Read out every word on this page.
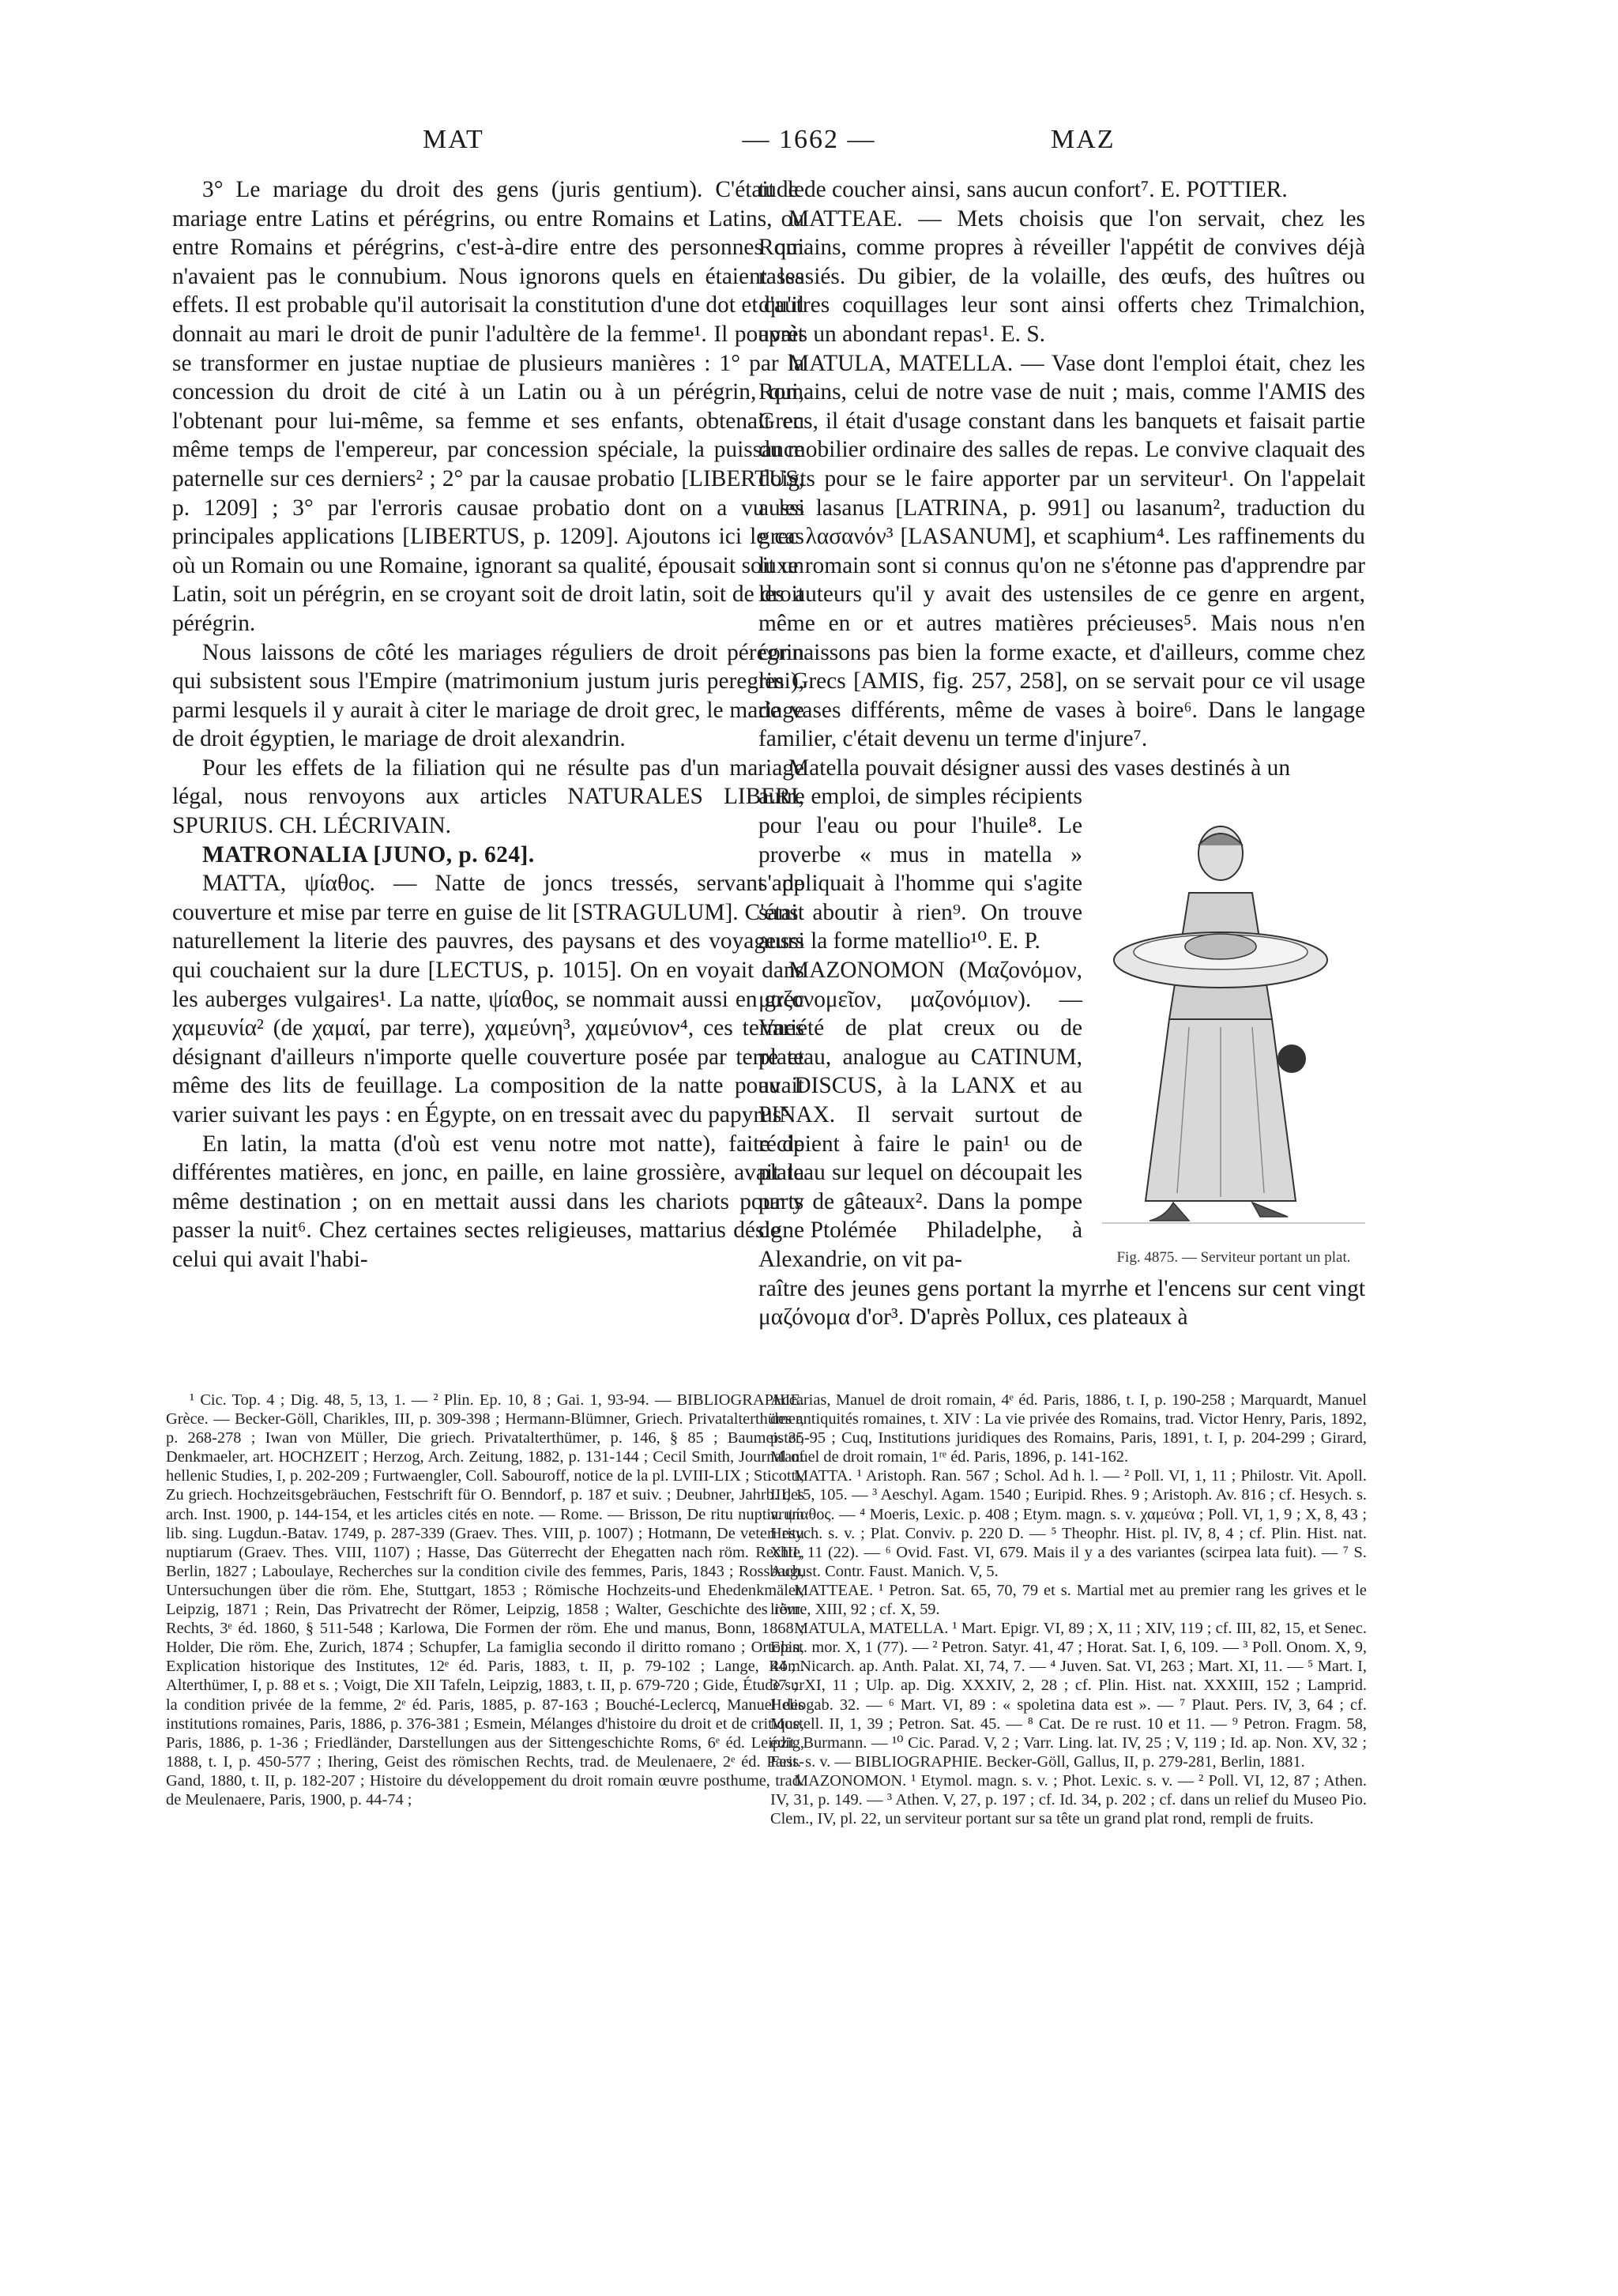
MAT	— 1662 —	MAZ

3° Le mariage du droit des gens (juris gentium). C'était le mariage entre Latins et pérégrins, ou entre Romains et Latins, ou entre Romains et pérégrins, c'est-à-dire entre des personnes qui n'avaient pas le connubium. Nous ignorons quels en étaient les effets. Il est probable qu'il autorisait la constitution d'une dot et qu'il donnait au mari le droit de punir l'adultère de la femme¹. Il pouvait se transformer en justae nuptiae de plusieurs manières : 1° par la concession du droit de cité à un Latin ou à un pérégrin, qui, l'obtenant pour lui-même, sa femme et ses enfants, obtenait en même temps de l'empereur, par concession spéciale, la puissance paternelle sur ces derniers² ; 2° par la causae probatio [LIBERTUS, p. 1209] ; 3° par l'erroris causae probatio dont on a vu les principales applications [LIBERTUS, p. 1209]. Ajoutons ici le cas où un Romain ou une Romaine, ignorant sa qualité, épousait soit un Latin, soit un pérégrin, en se croyant soit de droit latin, soit de droit pérégrin.

Nous laissons de côté les mariages réguliers de droit pérégrin qui subsistent sous l'Empire (matrimonium justum juris peregrini), parmi lesquels il y aurait à citer le mariage de droit grec, le mariage de droit égyptien, le mariage de droit alexandrin.

Pour les effets de la filiation qui ne résulte pas d'un mariage légal, nous renvoyons aux articles NATURALES LIBERI, SPURIUS. CH. LÉCRIVAIN.

MATRONALIA [JUNO, p. 624].

MATTA, ψίαθος. — Natte de joncs tressés, servant de couverture et mise par terre en guise de lit [STRAGULUM]. C'était naturellement la literie des pauvres, des paysans et des voyageurs qui couchaient sur la dure [LECTUS, p. 1015]. On en voyait dans les auberges vulgaires¹. La natte, ψίαθος, se nommait aussi en grec χαμευνία² (de χαμαί, par terre), χαμεύνη³, χαμεύνιον⁴, ces termes désignant d'ailleurs n'importe quelle couverture posée par terre et même des lits de feuillage. La composition de la natte pouvait varier suivant les pays : en Égypte, on en tressait avec du papyrus⁵.

En latin, la matta (d'où est venu notre mot natte), faite de différentes matières, en jonc, en paille, en laine grossière, avait la même destination ; on en mettait aussi dans les chariots pour y passer la nuit⁶. Chez certaines sectes religieuses, mattarius désigne celui qui avait l'habi-

tude de coucher ainsi, sans aucun confort⁷. E. POTTIER.

MATTEAE. — Mets choisis que l'on servait, chez les Romains, comme propres à réveiller l'appétit de convives déjà rassasiés. Du gibier, de la volaille, des œufs, des huîtres ou d'autres coquillages leur sont ainsi offerts chez Trimalchion, après un abondant repas¹. E. S.

MATULA, MATELLA. — Vase dont l'emploi était, chez les Romains, celui de notre vase de nuit ; mais, comme l'AMIS des Grecs, il était d'usage constant dans les banquets et faisait partie du mobilier ordinaire des salles de repas. Le convive claquait des doigts pour se le faire apporter par un serviteur¹. On l'appelait aussi lasanus [LATRINA, p. 991] ou lasanum², traduction du grec λασανόν³ [LASANUM], et scaphium⁴. Les raffinements du luxe romain sont si connus qu'on ne s'étonne pas d'apprendre par les auteurs qu'il y avait des ustensiles de ce genre en argent, même en or et autres matières précieuses⁵. Mais nous n'en connaissons pas bien la forme exacte, et d'ailleurs, comme chez les Grecs [AMIS, fig. 257, 258], on se servait pour ce vil usage de vases différents, même de vases à boire⁶. Dans le langage familier, c'était devenu un terme d'injure⁷.

Matella pouvait désigner aussi des vases destinés à un

autre emploi, de simples récipients pour l'eau ou pour l'huile⁸. Le proverbe « mus in matella » s'appliquait à l'homme qui s'agite sans aboutir à rien⁹. On trouve aussi la forme matellio¹⁰. E. P.

MAZONOMON (Μαζονόμον, μαζονομεῖον, μαζονόμιον). — Variété de plat creux ou de plateau, analogue au CATINUM, au DISCUS, à la LANX et au PINAX. Il servait surtout de récipient à faire le pain¹ ou de plateau sur lequel on découpait les parts de gâteaux². Dans la pompe de Ptolémée Philadelphe, à Alexandrie, on vit pa-

raître des jeunes gens portant la myrrhe et l'encens sur cent vingt μαζόνομα d'or³. D'après Pollux, ces plateaux à

Fig. 4875. — Serviteur portant un plat.

¹ Cic. Top. 4 ; Dig. 48, 5, 13, 1. — ² Plin. Ep. 10, 8 ; Gai. 1, 93-94. — BIBLIOGRAPHIE. Grèce. — Becker-Göll, Charikles, III, p. 309-398 ; Hermann-Blümner, Griech. Privatalterthümer, p. 268-278 ; Iwan von Müller, Die griech. Privatalterthümer, p. 146, § 85 ; Baumeister, Denkmaeler, art. HOCHZEIT ; Herzog, Arch. Zeitung, 1882, p. 131-144 ; Cecil Smith, Journal of hellenic Studies, I, p. 202-209 ; Furtwaengler, Coll. Sabouroff, notice de la pl. LVIII-LIX ; Sticotti, Zu griech. Hochzeitsgebräuchen, Festschrift für O. Benndorf, p. 187 et suiv. ; Deubner, Jahrb. des arch. Inst. 1900, p. 144-154, et les articles cités en note. — Rome. — Brisson, De ritu nuptiarum lib. sing. Lugdun.-Batav. 1749, p. 287-339 (Graev. Thes. VIII, p. 1007) ; Hotmann, De veteri ritu nuptiarum (Graev. Thes. VIII, 1107) ; Hasse, Das Güterrecht der Ehegatten nach röm. Rechte, Berlin, 1827 ; Laboulaye, Recherches sur la condition civile des femmes, Paris, 1843 ; Rossbach, Untersuchungen über die röm. Ehe, Stuttgart, 1853 ; Römische Hochzeits-und Ehedenkmäler, Leipzig, 1871 ; Rein, Das Privatrecht der Römer, Leipzig, 1858 ; Walter, Geschichte des röm. Rechts, 3ᵉ éd. 1860, § 511-548 ; Karlowa, Die Formen der röm. Ehe und manus, Bonn, 1868 ; Holder, Die röm. Ehe, Zurich, 1874 ; Schupfer, La famiglia secondo il diritto romano ; Ortolan, Explication historique des Institutes, 12ᵉ éd. Paris, 1883, t. II, p. 79-102 ; Lange, Röm. Alterthümer, I, p. 88 et s. ; Voigt, Die XII Tafeln, Leipzig, 1883, t. II, p. 679-720 ; Gide, Étude sur la condition privée de la femme, 2ᵉ éd. Paris, 1885, p. 87-163 ; Bouché-Leclercq, Manuel des institutions romaines, Paris, 1886, p. 376-381 ; Esmein, Mélanges d'histoire du droit et de critique, Paris, 1886, p. 1-36 ; Friedländer, Darstellungen aus der Sittengeschichte Roms, 6ᵉ éd. Leipzig, 1888, t. I, p. 450-577 ; Ihering, Geist des römischen Rechts, trad. de Meulenaere, 2ᵉ éd. Paris-Gand, 1880, t. II, p. 182-207 ; Histoire du développement du droit romain œuvre posthume, trad. de Meulenaere, Paris, 1900, p. 44-74 ;

Accarias, Manuel de droit romain, 4ᵉ éd. Paris, 1886, t. I, p. 190-258 ; Marquardt, Manuel des antiquités romaines, t. XIV : La vie privée des Romains, trad. Victor Henry, Paris, 1892, p. 35-95 ; Cuq, Institutions juridiques des Romains, Paris, 1891, t. I, p. 204-299 ; Girard, Manuel de droit romain, 1ʳᵉ éd. Paris, 1896, p. 141-162.

MATTA. ¹ Aristoph. Ran. 567 ; Schol. Ad h. l. — ² Poll. VI, 1, 11 ; Philostr. Vit. Apoll. III, 15, 105. — ³ Aeschyl. Agam. 1540 ; Euripid. Rhes. 9 ; Aristoph. Av. 816 ; cf. Hesych. s. v. ψίαθος. — ⁴ Moeris, Lexic. p. 408 ; Etym. magn. s. v. χαμεύνα ; Poll. VI, 1, 9 ; X, 8, 43 ; Hesych. s. v. ; Plat. Conviv. p. 220 D. — ⁵ Theophr. Hist. pl. IV, 8, 4 ; cf. Plin. Hist. nat. XIII, 11 (22). — ⁶ Ovid. Fast. VI, 679. Mais il y a des variantes (scirpea lata fuit). — ⁷ S. August. Contr. Faust. Manich. V, 5.

MATTEAE. ¹ Petron. Sat. 65, 70, 79 et s. Martial met au premier rang les grives et le lièvre, XIII, 92 ; cf. X, 59.

MATULA, MATELLA. ¹ Mart. Epigr. VI, 89 ; X, 11 ; XIV, 119 ; cf. III, 82, 15, et Senec. Epist. mor. X, 1 (77). — ² Petron. Satyr. 41, 47 ; Horat. Sat. I, 6, 109. — ³ Poll. Onom. X, 9, 44 ; Nicarch. ap. Anth. Palat. XI, 74, 7. — ⁴ Juven. Sat. VI, 263 ; Mart. XI, 11. — ⁵ Mart. I, 37 ; XI, 11 ; Ulp. ap. Dig. XXXIV, 2, 28 ; cf. Plin. Hist. nat. XXXIII, 152 ; Lamprid. Heliogab. 32. — ⁶ Mart. VI, 89 : « spoletina data est ». — ⁷ Plaut. Pers. IV, 3, 64 ; cf. Mostell. II, 1, 39 ; Petron. Sat. 45. — ⁸ Cat. De re rust. 10 et 11. — ⁹ Petron. Fragm. 58, édit. Burmann. — ¹⁰ Cic. Parad. V, 2 ; Varr. Ling. lat. IV, 25 ; V, 119 ; Id. ap. Non. XV, 32 ; Fest. s. v. — BIBLIOGRAPHIE. Becker-Göll, Gallus, II, p. 279-281, Berlin, 1881.

MAZONOMON. ¹ Etymol. magn. s. v. ; Phot. Lexic. s. v. — ² Poll. VI, 12, 87 ; Athen. IV, 31, p. 149. — ³ Athen. V, 27, p. 197 ; cf. Id. 34, p. 202 ; cf. dans un relief du Museo Pio. Clem., IV, pl. 22, un serviteur portant sur sa tête un grand plat rond, rempli de fruits.
